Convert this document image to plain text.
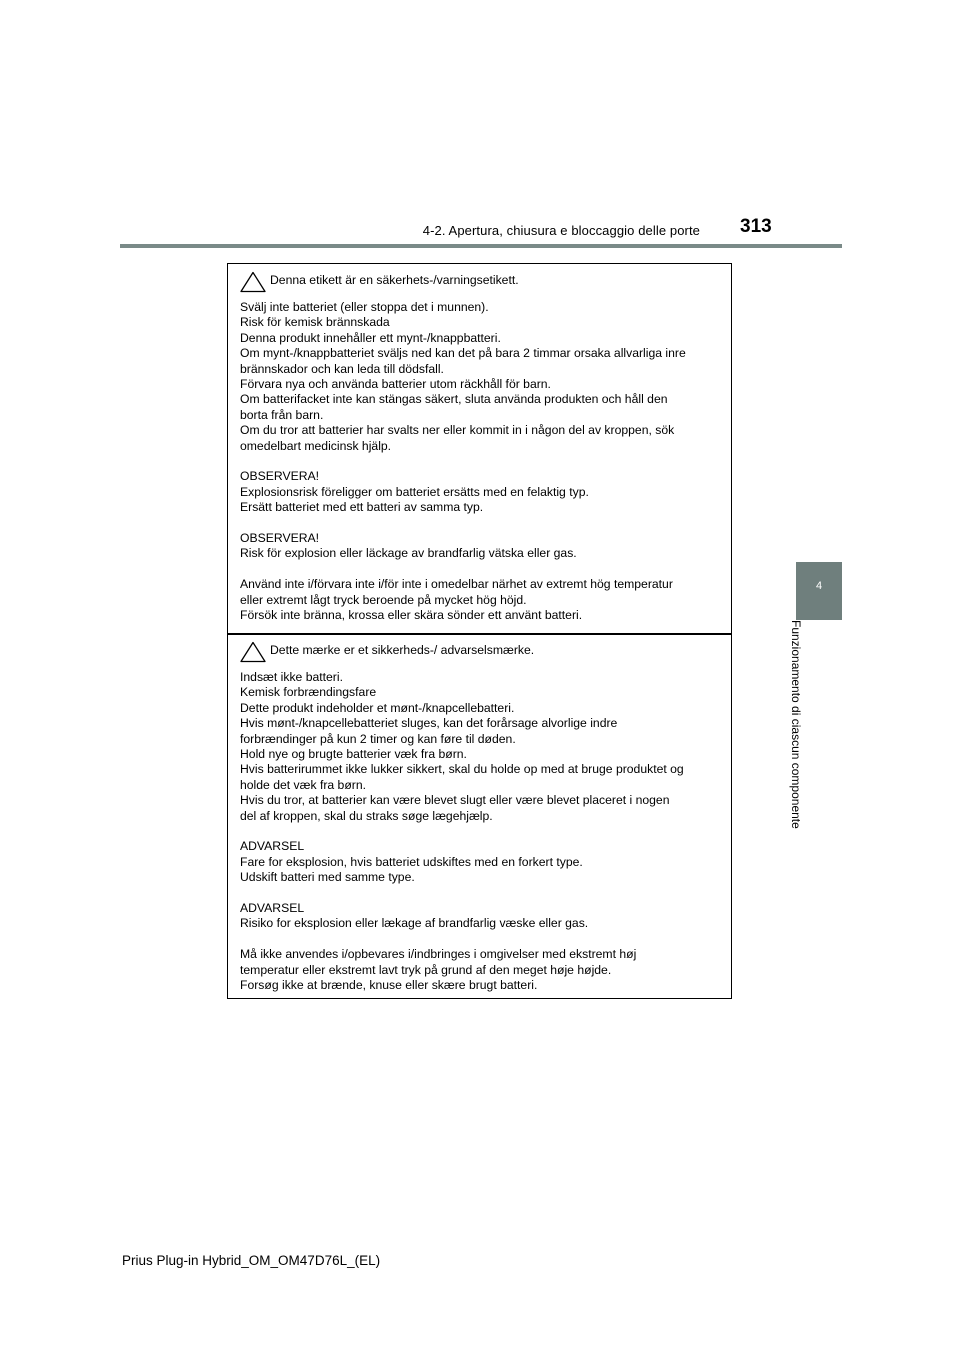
4-2. Apertura, chiusura e bloccaggio delle porte 313
4
Funzionamento di ciascun componente
Denna etikett är en säkerhets-/varningsetikett.
Svälj inte batteriet (eller stoppa det i munnen).
Risk för kemisk brännskada
Denna produkt innehåller ett mynt-/knappbatteri.
Om mynt-/knappbatteriet sväljs ned kan det på bara 2 timmar orsaka allvarliga inre
brännskador och kan leda till dödsfall.
Förvara nya och använda batterier utom räckhåll för barn.
Om batterifacket inte kan stängas säkert, sluta använda produkten och håll den
borta från barn.
Om du tror att batterier har svalts ner eller kommit in i någon del av kroppen, sök
omedelbart medicinsk hjälp.
OBSERVERA!
Explosionsrisk föreligger om batteriet ersätts med en felaktig typ.
Ersätt batteriet med ett batteri av samma typ.
OBSERVERA!
Risk för explosion eller läckage av brandfarlig vätska eller gas.
Använd inte i/förvara inte i/för inte i omedelbar närhet av extremt hög temperatur
eller extremt lågt tryck beroende på mycket hög höjd.
Försök inte bränna, krossa eller skära sönder ett använt batteri.
Dette mærke er et sikkerheds-/ advarselsmærke.
Indsæt ikke batteri.
Kemisk forbrændingsfare
Dette produkt indeholder et mønt-/knapcellebatteri.
Hvis mønt-/knapcellebatteriet sluges, kan det forårsage alvorlige indre
forbrændinger på kun 2 timer og kan føre til døden.
Hold nye og brugte batterier væk fra børn.
Hvis batterirummet ikke lukker sikkert, skal du holde op med at bruge produktet og
holde det væk fra børn.
Hvis du tror, at batterier kan være blevet slugt eller være blevet placeret i nogen
del af kroppen, skal du straks søge lægehjælp.
ADVARSEL
Fare for eksplosion, hvis batteriet udskiftes med en forkert type.
Udskift batteri med samme type.
ADVARSEL
Risiko for eksplosion eller lækage af brandfarlig væske eller gas.
Må ikke anvendes i/opbevares i/indbringes i omgivelser med ekstremt høj
temperatur eller ekstremt lavt tryk på grund af den meget høje højde.
Forsøg ikke at brænde, knuse eller skære brugt batteri.
Prius Plug-in Hybrid_OM_OM47D76L_(EL)
